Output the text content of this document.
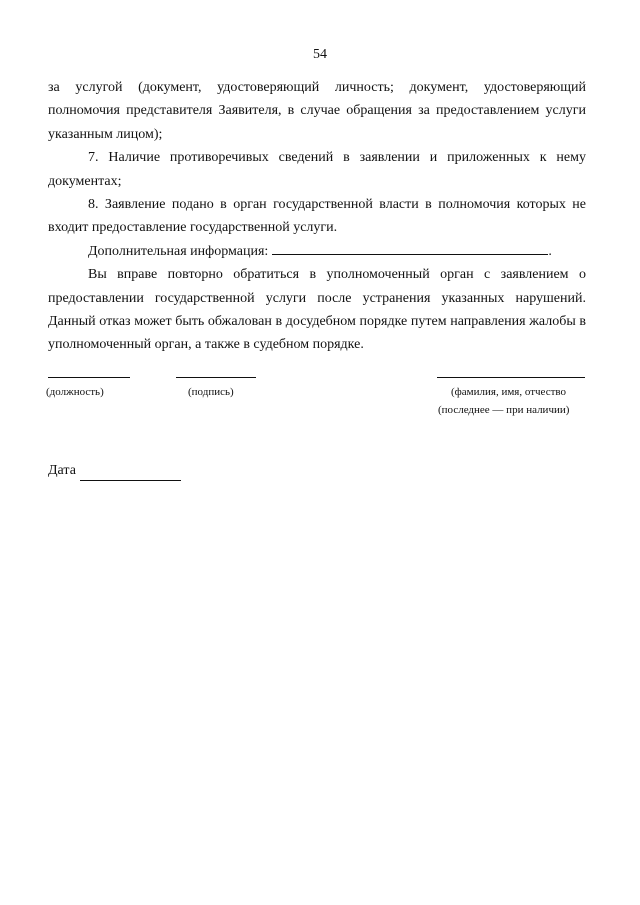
54

за услугой (документ, удостоверяющий личность; документ, удостоверяющий полномочия представителя Заявителя, в случае обращения за предоставлением услуги указанным лицом);

7. Наличие противоречивых сведений в заявлении и приложенных к нему документах;

8. Заявление подано в орган государственной власти в полномочия которых не входит предоставление государственной услуги.

Дополнительная информация:	.

Вы вправе повторно обратиться в уполномоченный орган с заявлением о предоставлении государственной услуги после устранения указанных нарушений. Данный отказ может быть обжалован в досудебном порядке путем направления жалобы в уполномоченный орган, а также в судебном порядке.

(должность)	(подпись)	(фамилия, имя, отчество
(последнее — при наличии)
Дата
